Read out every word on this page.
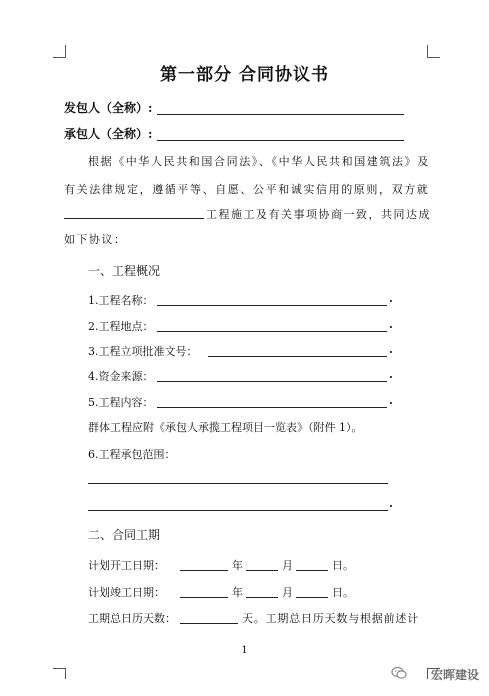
第一部分 合同协议书
发包人（全称）:
承包人（全称）:
根据《中华人民共和国合同法》、《中华人民共和国建筑法》及
有关法律规定，遵循平等、自愿、公平和诚实信用的原则，双方就
工程施工及有关事项协商一致，共同达成
如下协议：
一、工程概况
1.工程名称：	.
2.工程地点：	.
3.工程立项批准文号：	.
4.资金来源：	.
5.工程内容：	.
群体工程应附《承包人承揽工程项目一览表》（附件 1）。
6.工程承包范围：
.
二、合同工期
计划开工日期：	年	月	日。
计划竣工日期：	年	月	日。
工期总日历天数：	天。工期总日历天数与根据前述计
1
宏晖建设
